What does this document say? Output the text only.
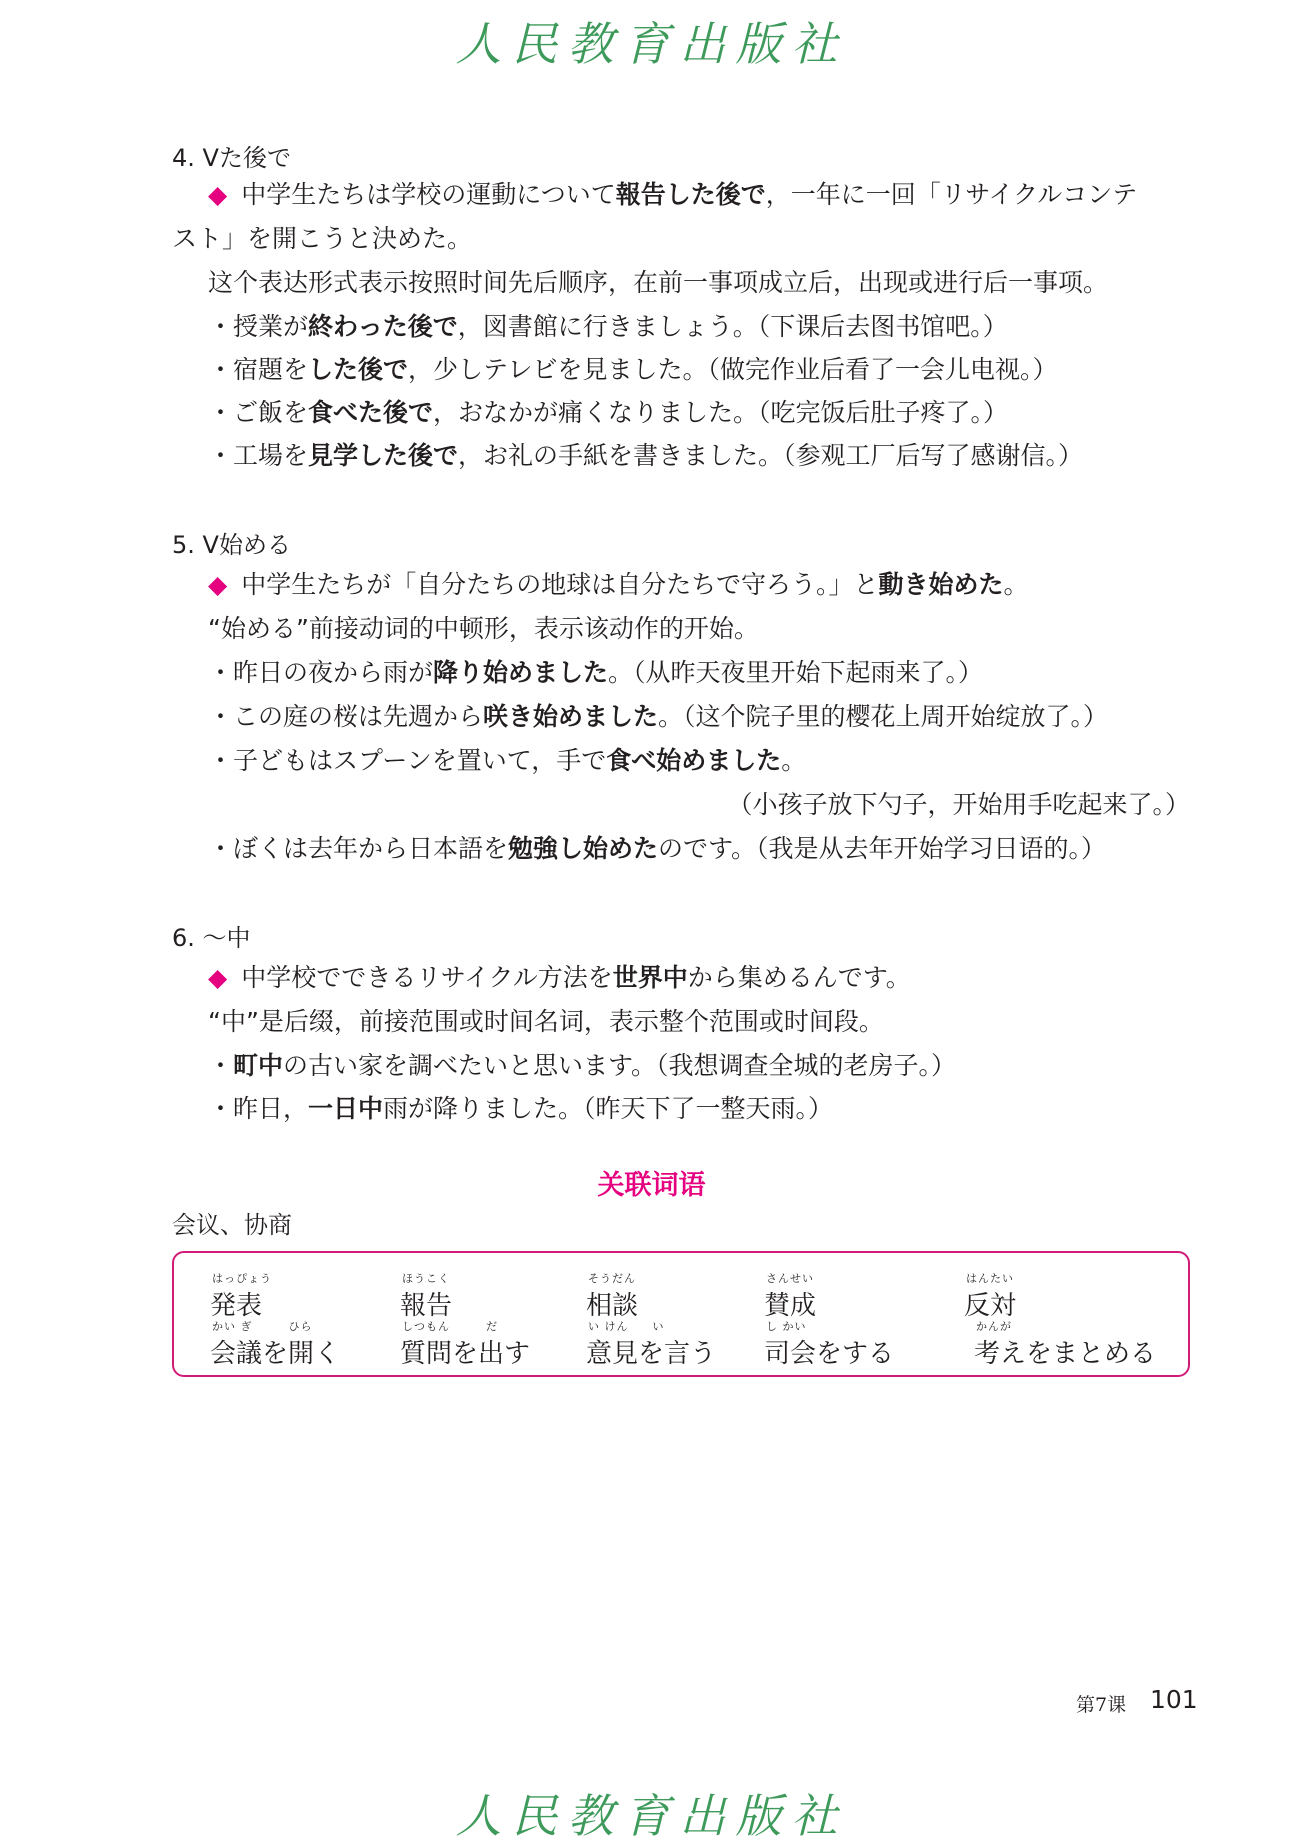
人民教育出版社
4. Vた後で
◆ 中学生たちは学校の運動について報告した後で，一年に一回「リサイクルコンテ
スト」を開こうと決めた。
这个表达形式表示按照时间先后顺序，在前一事项成立后，出现或进行后一事项。
・授業が終わった後で，図書館に行きましょう。（下课后去图书馆吧。）
・宿題をした後で，少しテレビを見ました。（做完作业后看了一会儿电视。）
・ご飯を食べた後で，おなかが痛くなりました。（吃完饭后肚子疼了。）
・工場を見学した後で，お礼の手紙を書きました。（参观工厂后写了感谢信。）
5. V始める
◆ 中学生たちが「自分たちの地球は自分たちで守ろう。」と動き始めた。
“始める”前接动词的中顿形，表示该动作的开始。
・昨日の夜から雨が降り始めました。（从昨天夜里开始下起雨来了。）
・この庭の桜は先週から咲き始めました。（这个院子里的樱花上周开始绽放了。）
・子どもはスプーンを置いて，手で食べ始めました。
（小孩子放下勺子，开始用手吃起来了。）
・ぼくは去年から日本語を勉強し始めたのです。（我是从去年开始学习日语的。）
6. 〜中
◆ 中学校でできるリサイクル方法を世界中から集めるんです。
“中”是后缀，前接范围或时间名词，表示整个范围或时间段。
・町中の古い家を調べたいと思います。（我想调查全城的老房子。）
・昨日，一日中雨が降りました。（昨天下了一整天雨。）
关联词语
会议、协商
はっぴょう
発表
ほうこく
報告
そうだん
相談
さんせい
賛成
はんたい
反対
かい ぎ　　　ひら
会議を開く
しつもん　　　だ
質問を出す
い けん　　い
意見を言う
し かい
司会をする
かんが
考えをまとめる
第7课 101
人民教育出版社
